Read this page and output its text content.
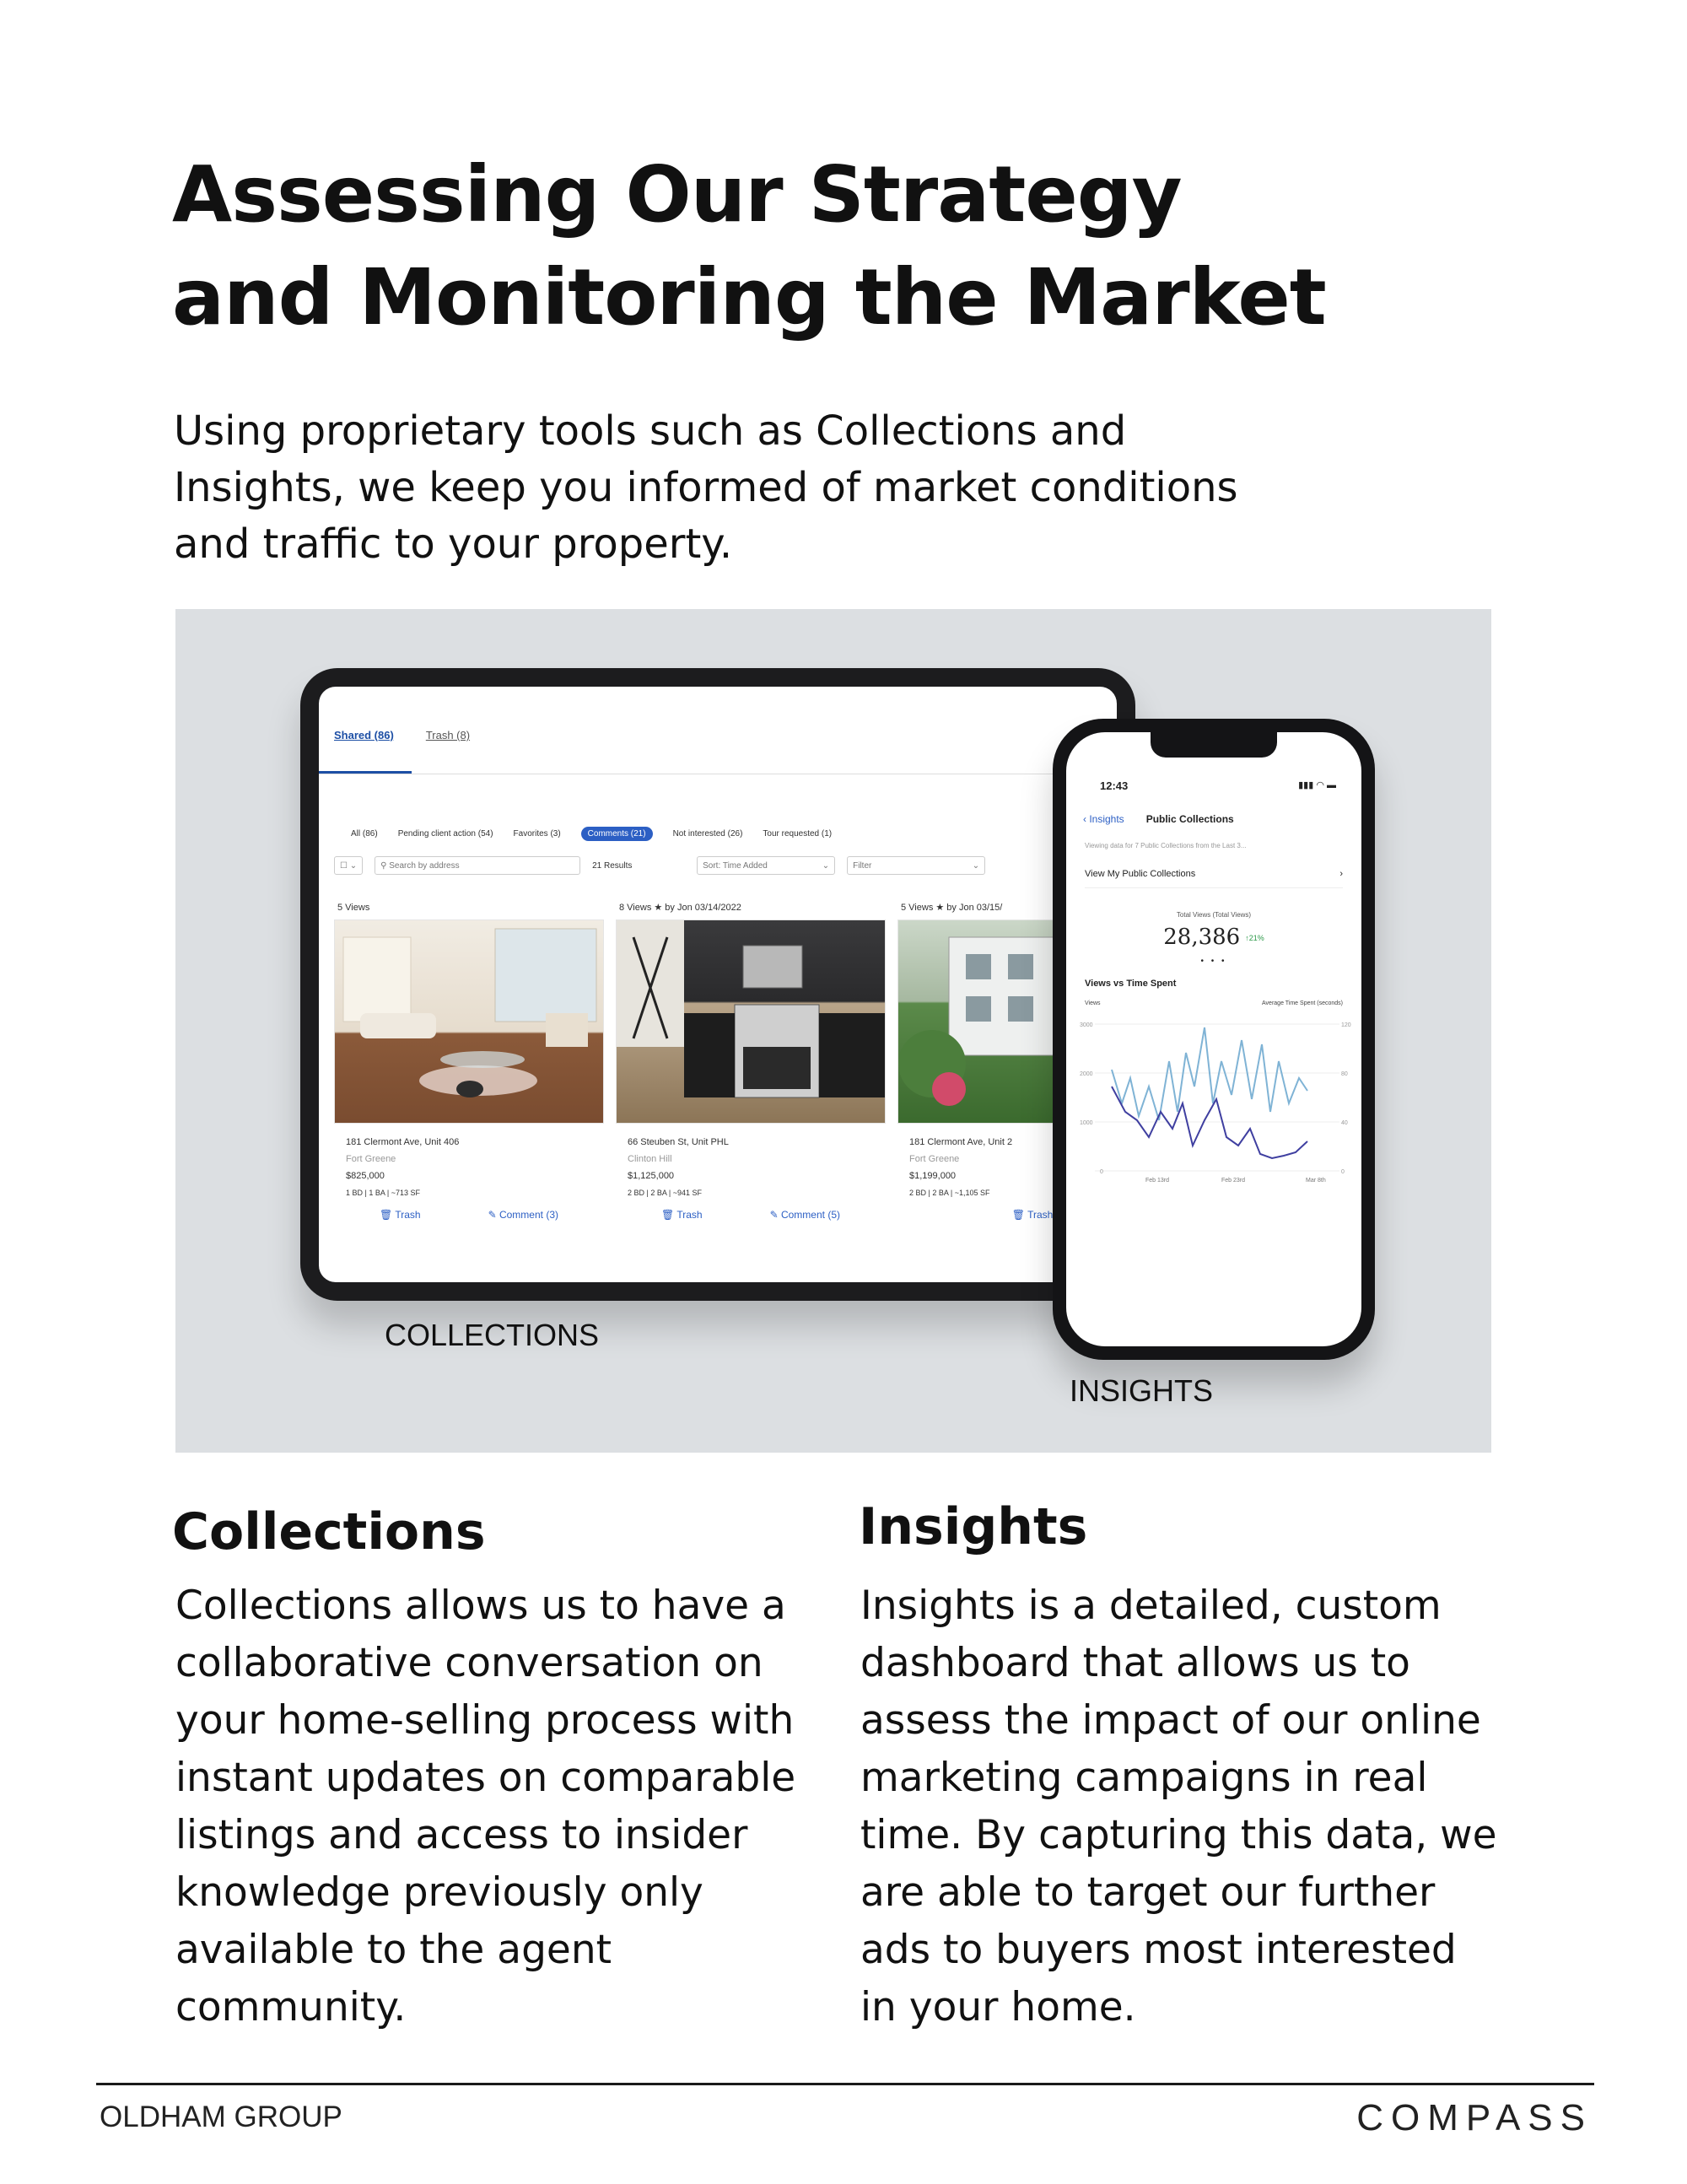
Assessing Our Strategy
and Monitoring the Market

Using proprietary tools such as Collections and Insights, we keep you informed of market conditions and traffic to your property.

Shared (86)	Trash (8)
All (86) Pending client action (54) Favorites (3)	Comments (21)	Not interested (26) Tour requested (1)
☐ ⌄	⚲ Search by address	21 Results	Sort: Time Added	⌄	Filter	⌄
5 Views
181 Clermont Ave, Unit 406
Fort Greene
$825,000
1 BD | 1 BA | ~713 SF
🗑 Trash	✎ Comment (3)
8 Views ★ by Jon 03/14/2022
66 Steuben St, Unit PHL
Clinton Hill
$1,125,000
2 BD | 2 BA | ~941 SF
🗑 Trash	✎ Comment (5)
5 Views ★ by Jon 03/15/
181 Clermont Ave, Unit 2
Fort Greene
$1,199,000
2 BD | 2 BA | ~1,105 SF
🗑 Trash
12:43	▮▮▮ ◠ ▬
‹ Insights Public Collections
Viewing data for 7 Public Collections from the Last 3...
View My Public Collections	›
Total Views (Total Views)
28,386 ↑21%
• • •
Views vs Time Spent
Views	Average Time Spent (seconds)
3000
2000
1000
0
120
80
40
0
Feb 13rd	Feb 23rd	Mar 8th
COLLECTIONS
INSIGHTS
Collections

Collections allows us to have a collaborative conversation on your home-selling process with instant updates on comparable listings and access to insider knowledge previously only available to the agent community.

Insights

Insights is a detailed, custom dashboard that allows us to assess the impact of our online marketing campaigns in real time. By capturing this data, we are able to target our further ads to buyers most interested in your home.

OLDHAM GROUP	COMPASS
